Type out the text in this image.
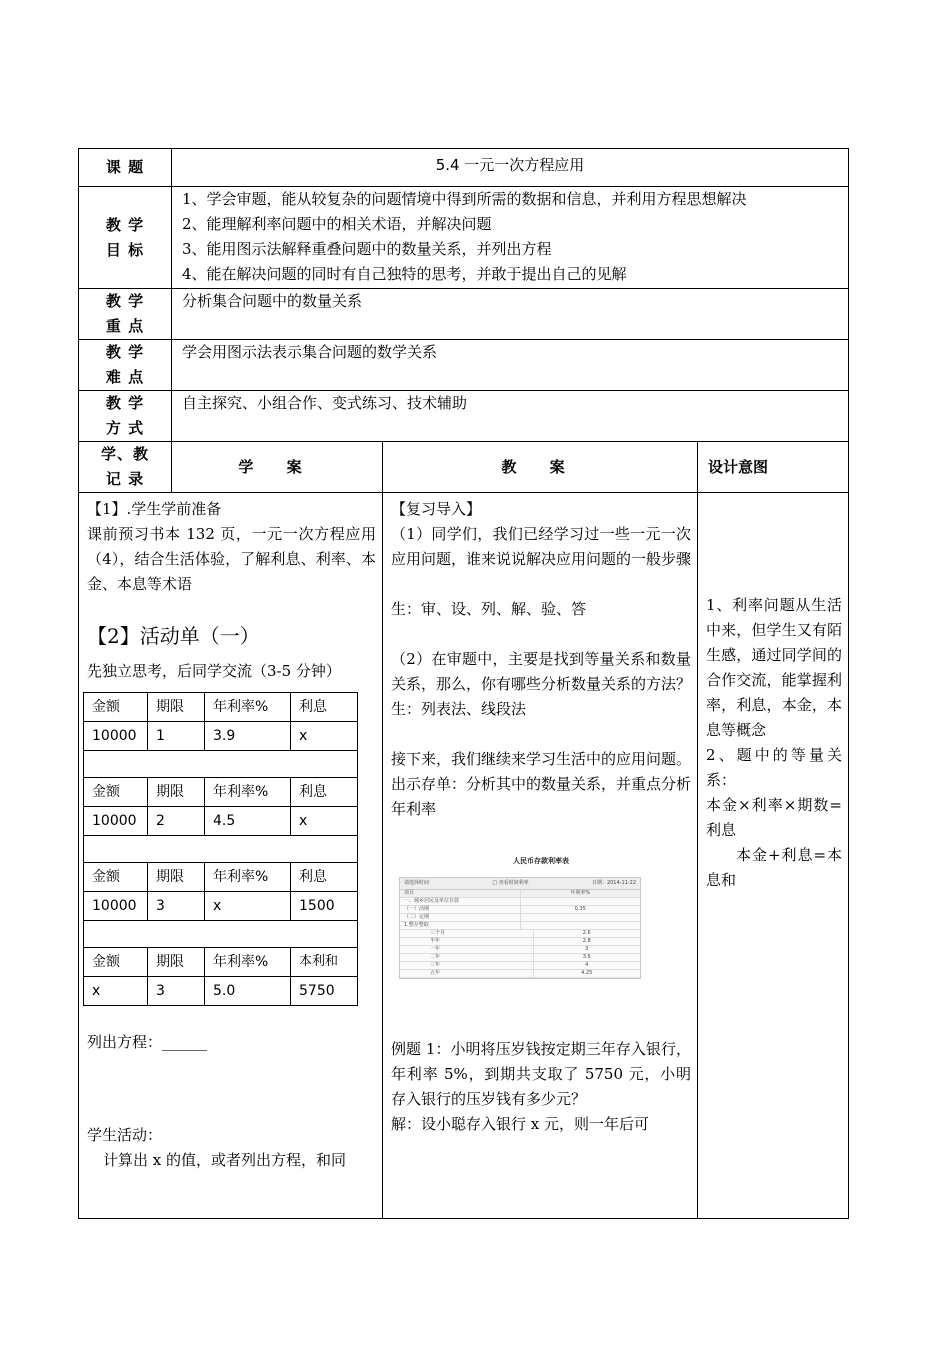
课 题	5.4 一元一次方程应用

教 学
目 标

1、学会审题，能从较复杂的问题情境中得到所需的数据和信息，并利用方程思想解决
2、能理解利率问题中的相关术语，并解决问题
3、能用图示法解释重叠问题中的数量关系，并列出方程
4、能在解决问题的同时有自己独特的思考，并敢于提出自己的见解

教 学
重 点
	分析集合问题中的数量关系

教 学
难 点
	学会用图示法表示集合问题的数学关系

教 学
方 式
	自主探究、小组合作、变式练习、技术辅助

学、教
记 录
	学 案	教 案	设计意图

【1】.学生学前准备

课前预习书本 132 页，一元一次方程应用（4），结合生活体验，了解利息、利率、本金、本息等术语

【2】活动单（一）

先独立思考，后同学交流（3-5 分钟）

金额	期限	年利率%	利息
10000	1	3.9	x

金额	期限	年利率%	利息
10000	2	4.5	x

金额	期限	年利率%	利息
10000	3	x	1500

金额	期限	年利率%	本利和
x	3	5.0	5750

列出方程：______

学生活动：

计算出 x 的值，或者列出方程，和同

【复习导入】

（1）同学们，我们已经学习过一些一元一次应用问题，谁来说说解决应用问题的一般步骤

生：审、设、列、解、验、答

（2）在审题中，主要是找到等量关系和数量关系，那么，你有哪些分析数量关系的方法？

生：列表法、线段法

接下来，我们继续来学习生活中的应用问题。

出示存单：分析其中的数量关系，并重点分析年利率

人民币存款利率表
请选择时间	□ 查看时间利率	日期：2014-11-22
项目	年利率%
一、城乡居民及单位存款
（一）活期	0.35
（二）定期
1.整存整取
三个月	2.6
半年	2.8
一年	3
二年	3.5
三年	4
五年	4.25

例题 1：小明将压岁钱按定期三年存入银行，年利率 5%，到期共支取了 5750 元，小明存入银行的压岁钱有多少元？

解：设小聪存入银行 x 元，则一年后可

1、利率问题从生活中来，但学生又有陌生感，通过同学间的合作交流，能掌握利率，利息，本金，本息等概念

2、题中的等量关系：

本金×利率×期数=利息

本金+利息=本息和
